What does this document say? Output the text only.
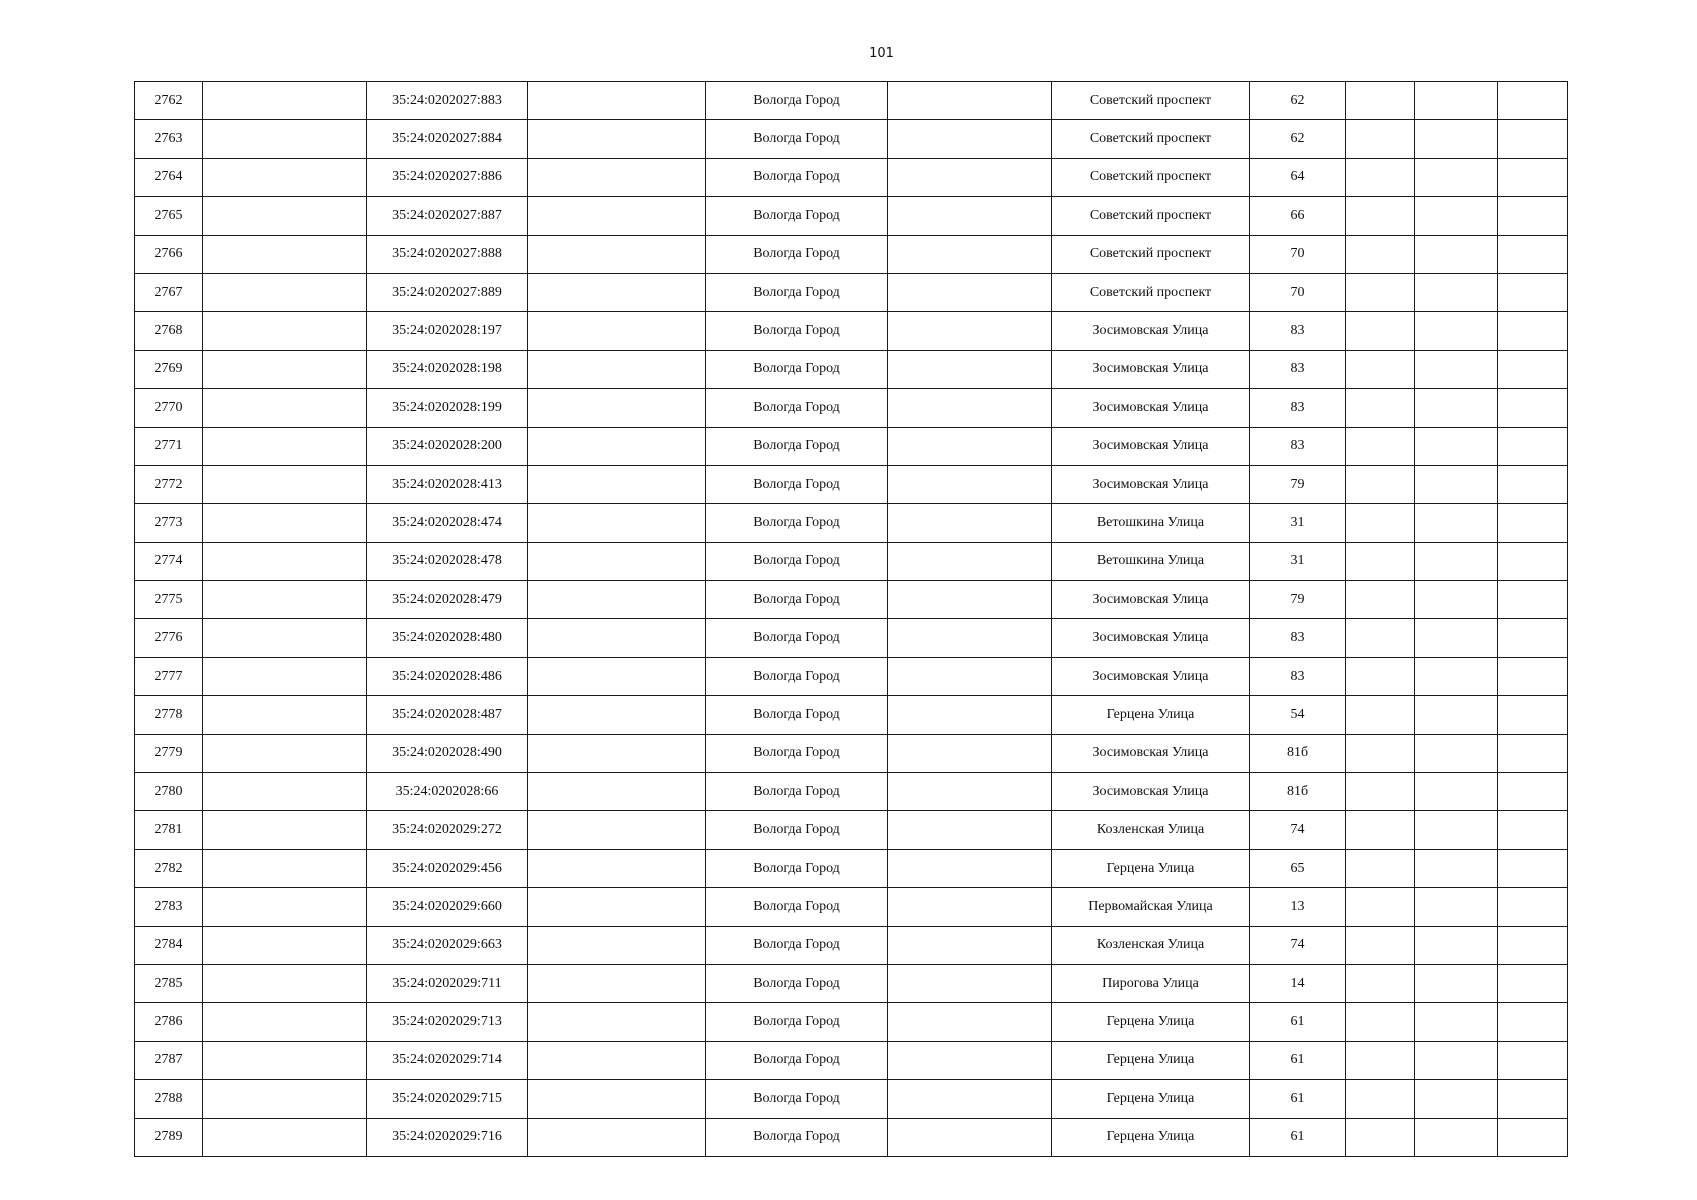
101
2762		35:24:0202027:883		Вологда Город		Советский проспект	62			
2763		35:24:0202027:884		Вологда Город		Советский проспект	62			
2764		35:24:0202027:886		Вологда Город		Советский проспект	64			
2765		35:24:0202027:887		Вологда Город		Советский проспект	66			
2766		35:24:0202027:888		Вологда Город		Советский проспект	70			
2767		35:24:0202027:889		Вологда Город		Советский проспект	70			
2768		35:24:0202028:197		Вологда Город		Зосимовская Улица	83			
2769		35:24:0202028:198		Вологда Город		Зосимовская Улица	83			
2770		35:24:0202028:199		Вологда Город		Зосимовская Улица	83			
2771		35:24:0202028:200		Вологда Город		Зосимовская Улица	83			
2772		35:24:0202028:413		Вологда Город		Зосимовская Улица	79			
2773		35:24:0202028:474		Вологда Город		Ветошкина Улица	31			
2774		35:24:0202028:478		Вологда Город		Ветошкина Улица	31			
2775		35:24:0202028:479		Вологда Город		Зосимовская Улица	79			
2776		35:24:0202028:480		Вологда Город		Зосимовская Улица	83			
2777		35:24:0202028:486		Вологда Город		Зосимовская Улица	83			
2778		35:24:0202028:487		Вологда Город		Герцена Улица	54			
2779		35:24:0202028:490		Вологда Город		Зосимовская Улица	81б			
2780		35:24:0202028:66		Вологда Город		Зосимовская Улица	81б			
2781		35:24:0202029:272		Вологда Город		Козленская Улица	74			
2782		35:24:0202029:456		Вологда Город		Герцена Улица	65			
2783		35:24:0202029:660		Вологда Город		Первомайская Улица	13			
2784		35:24:0202029:663		Вологда Город		Козленская Улица	74			
2785		35:24:0202029:711		Вологда Город		Пирогова Улица	14			
2786		35:24:0202029:713		Вологда Город		Герцена Улица	61			
2787		35:24:0202029:714		Вологда Город		Герцена Улица	61			
2788		35:24:0202029:715		Вологда Город		Герцена Улица	61			
2789		35:24:0202029:716		Вологда Город		Герцена Улица	61			
